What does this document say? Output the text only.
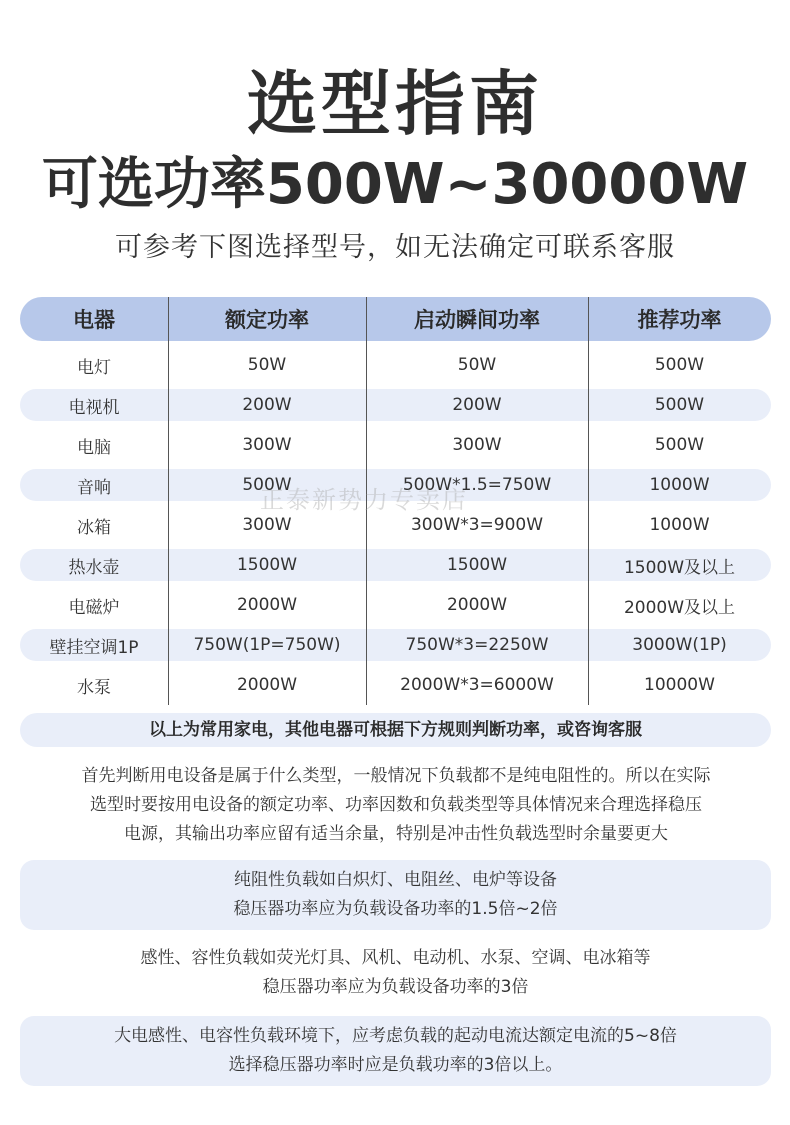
选型指南
可选功率500W~30000W
可参考下图选择型号，如无法确定可联系客服
电器	额定功率	启动瞬间功率	推荐功率
电灯	50W	50W	500W
电视机	200W	200W	500W
电脑	300W	300W	500W
音响	500W	500W*1.5=750W	1000W
冰箱	300W	300W*3=900W	1000W
热水壶	1500W	1500W	1500W及以上
电磁炉	2000W	2000W	2000W及以上
壁挂空调1P	750W(1P=750W)	750W*3=2250W	3000W(1P)
水泵	2000W	2000W*3=6000W	10000W
正泰新势力专卖店
以上为常用家电，其他电器可根据下方规则判断功率，或咨询客服
首先判断用电设备是属于什么类型，一般情况下负载都不是纯电阻性的。所以在实际
选型时要按用电设备的额定功率、功率因数和负载类型等具体情况来合理选择稳压
电源，其输出功率应留有适当余量，特别是冲击性负载选型时余量要更大
纯阻性负载如白炽灯、电阻丝、电炉等设备
稳压器功率应为负载设备功率的1.5倍~2倍
感性、容性负载如荧光灯具、风机、电动机、水泵、空调、电冰箱等
稳压器功率应为负载设备功率的3倍
大电感性、电容性负载环境下，应考虑负载的起动电流达额定电流的5~8倍
选择稳压器功率时应是负载功率的3倍以上。
